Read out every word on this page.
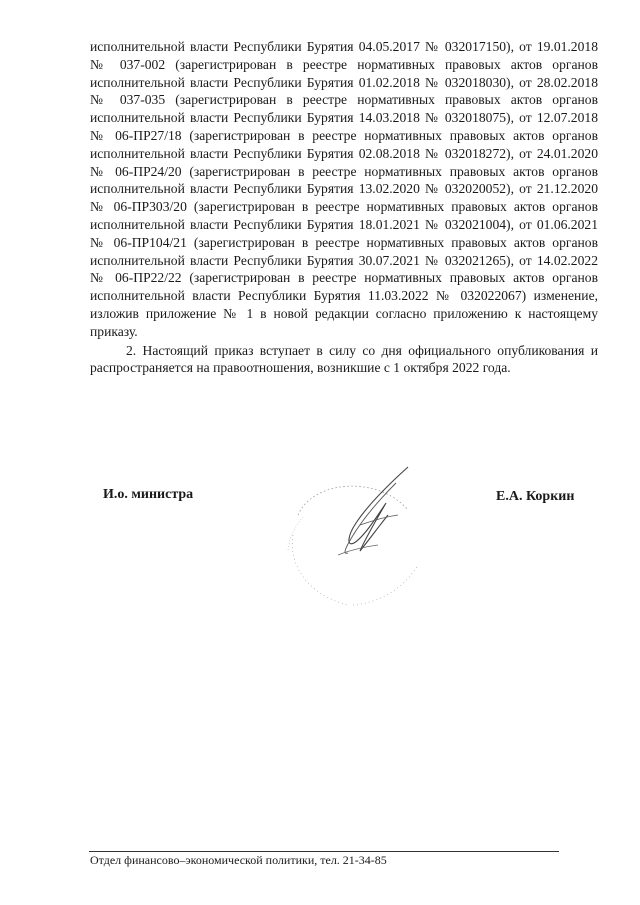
исполнительной власти Республики Бурятия 04.05.2017 № 032017150), от 19.01.2018 № 037-002 (зарегистрирован в реестре нормативных правовых актов органов исполнительной власти Республики Бурятия 01.02.2018 № 032018030), от 28.02.2018 № 037-035 (зарегистрирован в реестре нормативных правовых актов органов исполнительной власти Республики Бурятия 14.03.2018 № 032018075), от 12.07.2018 № 06-ПР27/18 (зарегистрирован в реестре нормативных правовых актов органов исполнительной власти Республики Бурятия 02.08.2018 № 032018272), от 24.01.2020 № 06-ПР24/20 (зарегистрирован в реестре нормативных правовых актов органов исполнительной власти Республики Бурятия 13.02.2020 № 032020052), от 21.12.2020 № 06-ПР303/20 (зарегистрирован в реестре нормативных правовых актов органов исполнительной власти Республики Бурятия 18.01.2021 № 032021004), от 01.06.2021 № 06-ПР104/21 (зарегистрирован в реестре нормативных правовых актов органов исполнительной власти Республики Бурятия 30.07.2021 № 032021265), от 14.02.2022 № 06-ПР22/22 (зарегистрирован в реестре нормативных правовых актов органов исполнительной власти Республики Бурятия 11.03.2022 № 032022067) изменение, изложив приложение № 1 в новой редакции согласно приложению к настоящему приказу.

2. Настоящий приказ вступает в силу со дня официального опубликования и распространяется на правоотношения, возникшие с 1 октября 2022 года.

И.о. министра	Е.А. Коркин
Отдел финансово–экономической политики, тел. 21-34-85
